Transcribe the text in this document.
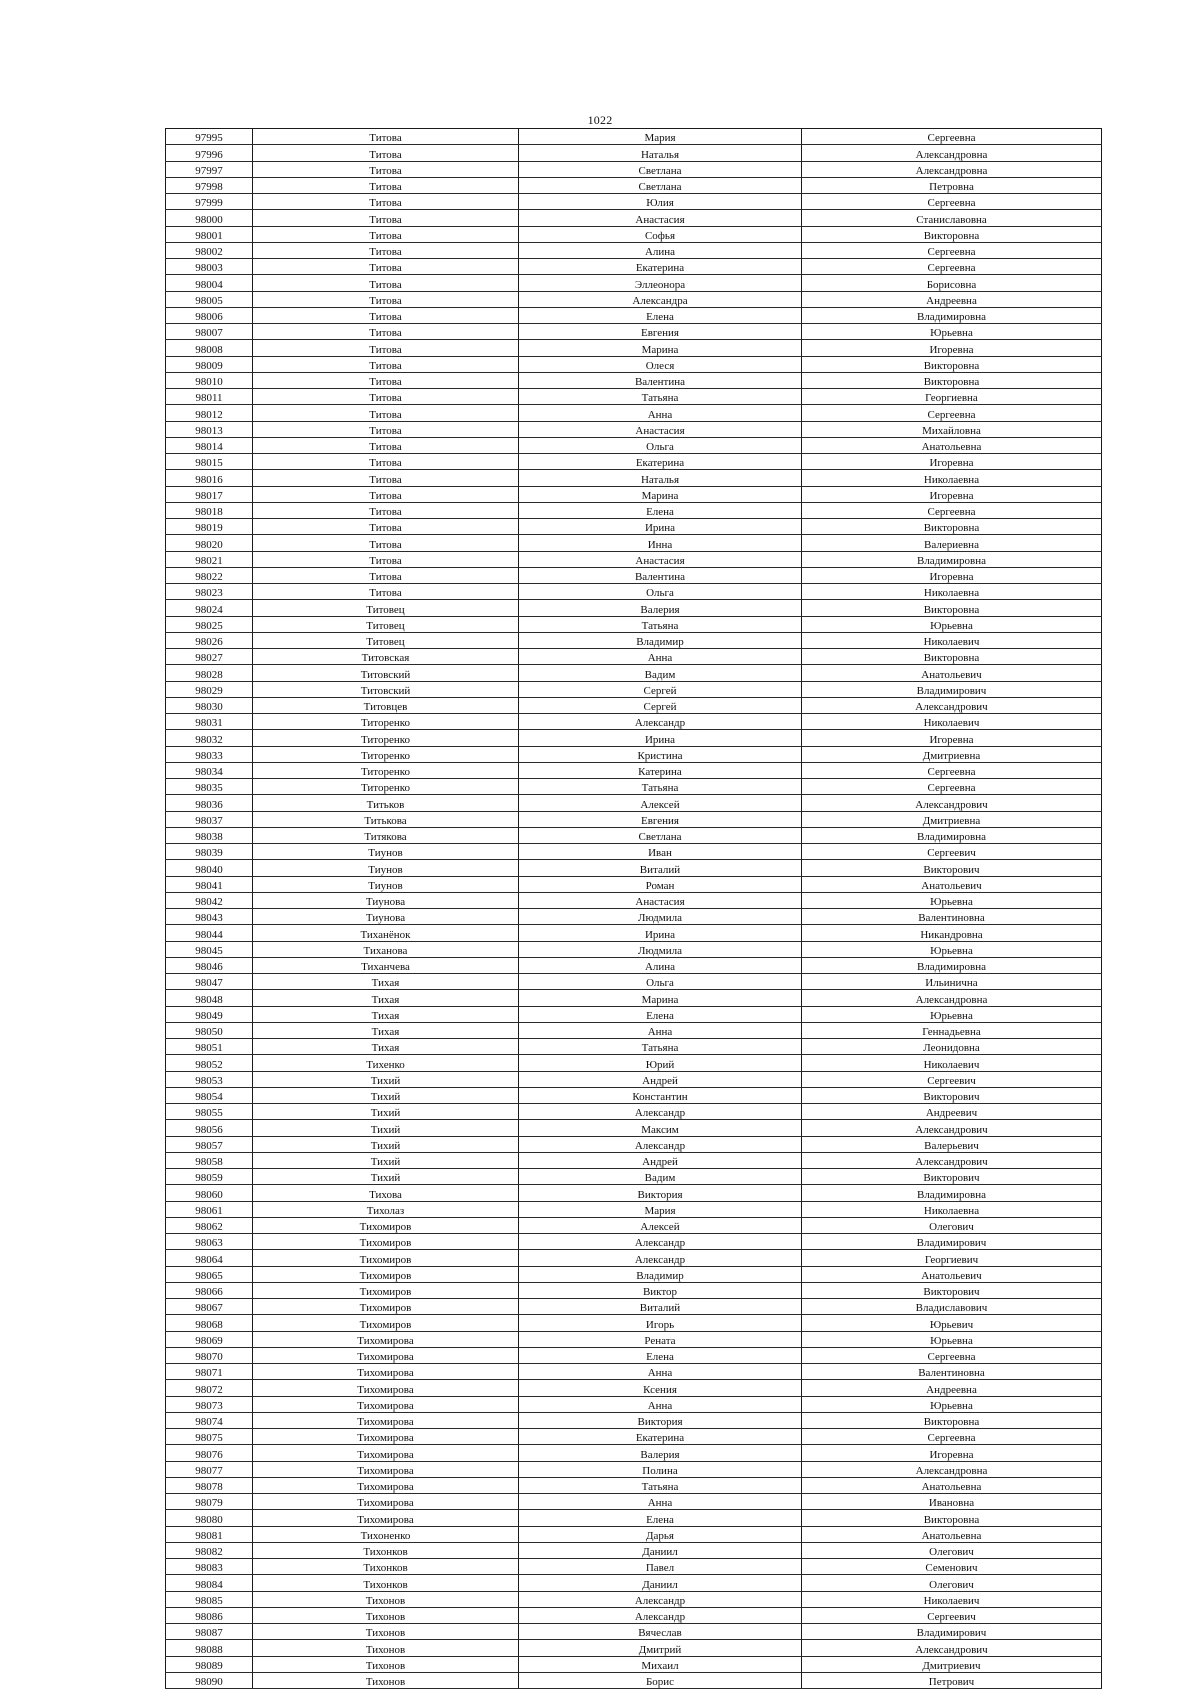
1022
97995	Титова	Мария	Сергеевна
97996	Титова	Наталья	Александровна
97997	Титова	Светлана	Александровна
97998	Титова	Светлана	Петровна
97999	Титова	Юлия	Сергеевна
98000	Титова	Анастасия	Станиславовна
98001	Титова	Софья	Викторовна
98002	Титова	Алина	Сергеевна
98003	Титова	Екатерина	Сергеевна
98004	Титова	Эллеонора	Борисовна
98005	Титова	Александра	Андреевна
98006	Титова	Елена	Владимировна
98007	Титова	Евгения	Юрьевна
98008	Титова	Марина	Игоревна
98009	Титова	Олеся	Викторовна
98010	Титова	Валентина	Викторовна
98011	Титова	Татьяна	Георгиевна
98012	Титова	Анна	Сергеевна
98013	Титова	Анастасия	Михайловна
98014	Титова	Ольга	Анатольевна
98015	Титова	Екатерина	Игоревна
98016	Титова	Наталья	Николаевна
98017	Титова	Марина	Игоревна
98018	Титова	Елена	Сергеевна
98019	Титова	Ирина	Викторовна
98020	Титова	Инна	Валериевна
98021	Титова	Анастасия	Владимировна
98022	Титова	Валентина	Игоревна
98023	Титова	Ольга	Николаевна
98024	Титовец	Валерия	Викторовна
98025	Титовец	Татьяна	Юрьевна
98026	Титовец	Владимир	Николаевич
98027	Титовская	Анна	Викторовна
98028	Титовский	Вадим	Анатольевич
98029	Титовский	Сергей	Владимирович
98030	Титовцев	Сергей	Александрович
98031	Титоренко	Александр	Николаевич
98032	Титоренко	Ирина	Игоревна
98033	Титоренко	Кристина	Дмитриевна
98034	Титоренко	Катерина	Сергеевна
98035	Титоренко	Татьяна	Сергеевна
98036	Титьков	Алексей	Александрович
98037	Титькова	Евгения	Дмитриевна
98038	Титякова	Светлана	Владимировна
98039	Тиунов	Иван	Сергеевич
98040	Тиунов	Виталий	Викторович
98041	Тиунов	Роман	Анатольевич
98042	Тиунова	Анастасия	Юрьевна
98043	Тиунова	Людмила	Валентиновна
98044	Тиханёнок	Ирина	Никандровна
98045	Тиханова	Людмила	Юрьевна
98046	Тиханчева	Алина	Владимировна
98047	Тихая	Ольга	Ильинична
98048	Тихая	Марина	Александровна
98049	Тихая	Елена	Юрьевна
98050	Тихая	Анна	Геннадьевна
98051	Тихая	Татьяна	Леонидовна
98052	Тихенко	Юрий	Николаевич
98053	Тихий	Андрей	Сергеевич
98054	Тихий	Константин	Викторович
98055	Тихий	Александр	Андреевич
98056	Тихий	Максим	Александрович
98057	Тихий	Александр	Валерьевич
98058	Тихий	Андрей	Александрович
98059	Тихий	Вадим	Викторович
98060	Тихова	Виктория	Владимировна
98061	Тихолаз	Мария	Николаевна
98062	Тихомиров	Алексей	Олегович
98063	Тихомиров	Александр	Владимирович
98064	Тихомиров	Александр	Георгиевич
98065	Тихомиров	Владимир	Анатольевич
98066	Тихомиров	Виктор	Викторович
98067	Тихомиров	Виталий	Владиславович
98068	Тихомиров	Игорь	Юрьевич
98069	Тихомирова	Рената	Юрьевна
98070	Тихомирова	Елена	Сергеевна
98071	Тихомирова	Анна	Валентиновна
98072	Тихомирова	Ксения	Андреевна
98073	Тихомирова	Анна	Юрьевна
98074	Тихомирова	Виктория	Викторовна
98075	Тихомирова	Екатерина	Сергеевна
98076	Тихомирова	Валерия	Игоревна
98077	Тихомирова	Полина	Александровна
98078	Тихомирова	Татьяна	Анатольевна
98079	Тихомирова	Анна	Ивановна
98080	Тихомирова	Елена	Викторовна
98081	Тихоненко	Дарья	Анатольевна
98082	Тихонков	Даниил	Олегович
98083	Тихонков	Павел	Семенович
98084	Тихонков	Даниил	Олегович
98085	Тихонов	Александр	Николаевич
98086	Тихонов	Александр	Сергеевич
98087	Тихонов	Вячеслав	Владимирович
98088	Тихонов	Дмитрий	Александрович
98089	Тихонов	Михаил	Дмитриевич
98090	Тихонов	Борис	Петрович
